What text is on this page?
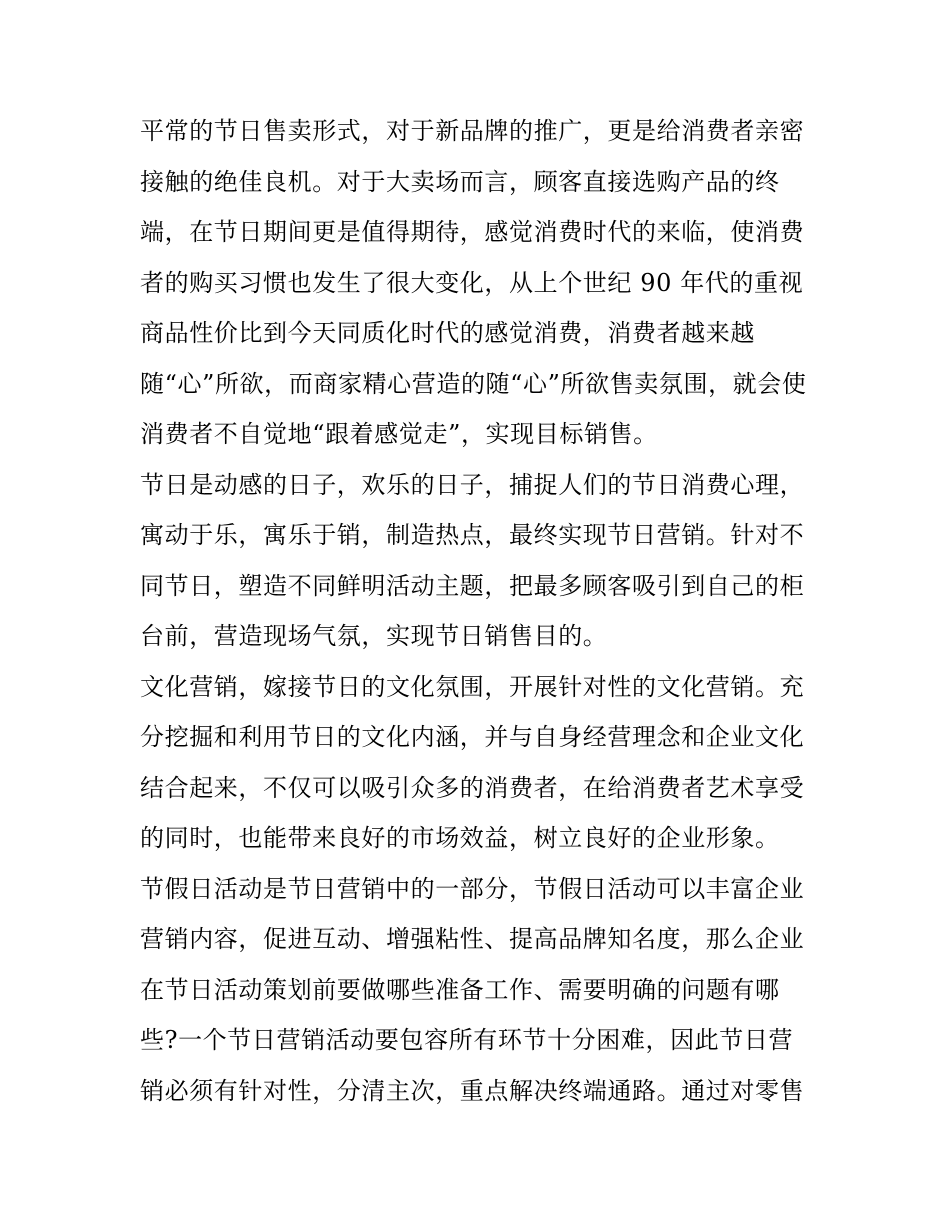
平常的节日售卖形式，对于新品牌的推广，更是给消费者亲密
接触的绝佳良机。对于大卖场而言，顾客直接选购产品的终
端，在节日期间更是值得期待，感觉消费时代的来临，使消费
者的购买习惯也发生了很大变化，从上个世纪 90 年代的重视
商品性价比到今天同质化时代的感觉消费，消费者越来越
随“心”所欲，而商家精心营造的随“心”所欲售卖氛围，就会使
消费者不自觉地“跟着感觉走”，实现目标销售。
节日是动感的日子，欢乐的日子，捕捉人们的节日消费心理，
寓动于乐，寓乐于销，制造热点，最终实现节日营销。针对不
同节日，塑造不同鲜明活动主题，把最多顾客吸引到自己的柜
台前，营造现场气氛，实现节日销售目的。
文化营销，嫁接节日的文化氛围，开展针对性的文化营销。充
分挖掘和利用节日的文化内涵，并与自身经营理念和企业文化
结合起来，不仅可以吸引众多的消费者，在给消费者艺术享受
的同时，也能带来良好的市场效益，树立良好的企业形象。
节假日活动是节日营销中的一部分，节假日活动可以丰富企业
营销内容，促进互动、增强粘性、提高品牌知名度，那么企业
在节日活动策划前要做哪些准备工作、需要明确的问题有哪
些?一个节日营销活动要包容所有环节十分困难，因此节日营
销必须有针对性，分清主次，重点解决终端通路。通过对零售
